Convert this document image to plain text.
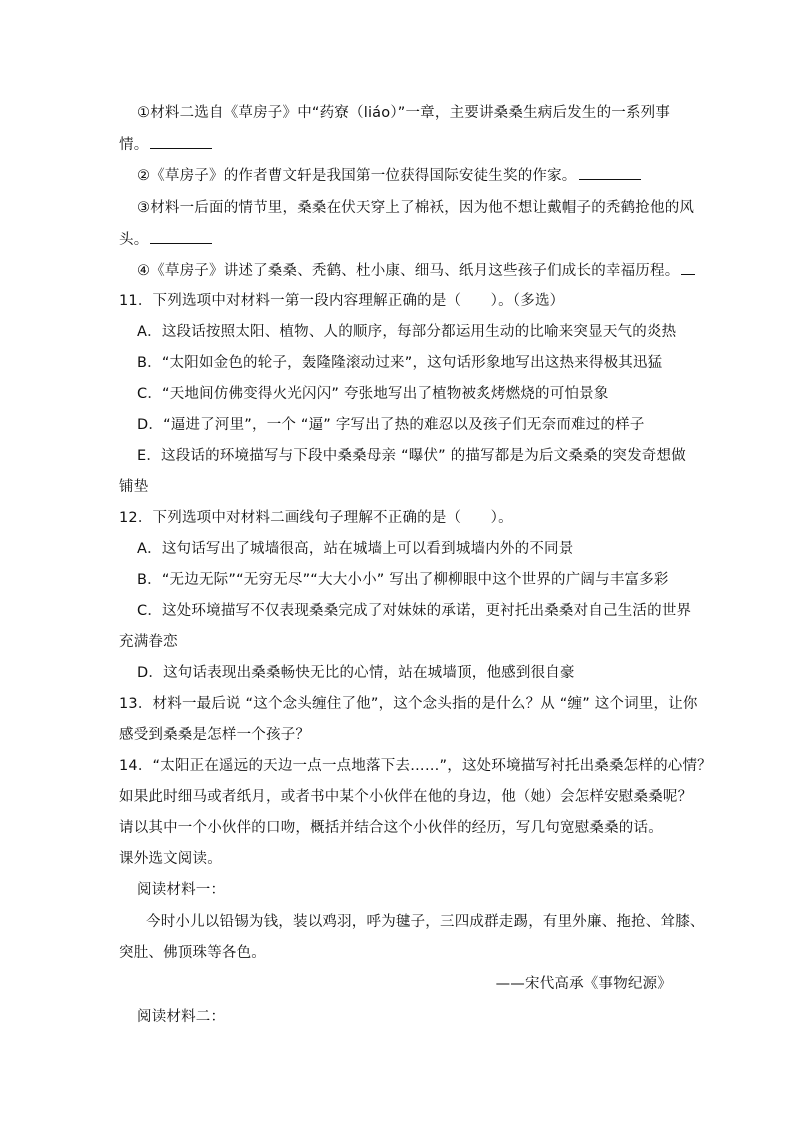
①材料二选自《草房子》中“药寮（liáo）”一章，主要讲桑桑生病后发生的一系列事
情。
②《草房子》的作者曹文轩是我国第一位获得国际安徒生奖的作家。
③材料一后面的情节里，桑桑在伏天穿上了棉袄，因为他不想让戴帽子的秃鹤抢他的风
头。
④《草房子》讲述了桑桑、秃鹤、杜小康、细马、纸月这些孩子们成长的幸福历程。
11．下列选项中对材料一第一段内容理解正确的是（　　）。（多选）
A．这段话按照太阳、植物、人的顺序，每部分都运用生动的比喻来突显天气的炎热
B．“太阳如金色的轮子，轰隆隆滚动过来”，这句话形象地写出这热来得极其迅猛
C．“天地间仿佛变得火光闪闪” 夸张地写出了植物被炙烤燃烧的可怕景象
D．“逼进了河里”，一个 “逼” 字写出了热的难忍以及孩子们无奈而难过的样子
E．这段话的环境描写与下段中桑桑母亲 “曝伏” 的描写都是为后文桑桑的突发奇想做
铺垫
12．下列选项中对材料二画线句子理解不正确的是（　　）。
A．这句话写出了城墙很高，站在城墙上可以看到城墙内外的不同景
B．“无边无际”“无穷无尽”“大大小小” 写出了柳柳眼中这个世界的广阔与丰富多彩
C．这处环境描写不仅表现桑桑完成了对妹妹的承诺，更衬托出桑桑对自己生活的世界
充满眷恋
D．这句话表现出桑桑畅快无比的心情，站在城墙顶，他感到很自豪
13．材料一最后说 “这个念头缠住了他”，这个念头指的是什么？从 “缠” 这个词里，让你
感受到桑桑是怎样一个孩子？
14．“太阳正在遥远的天边一点一点地落下去……”，这处环境描写衬托出桑桑怎样的心情？
如果此时细马或者纸月，或者书中某个小伙伴在他的身边，他（她）会怎样安慰桑桑呢？
请以其中一个小伙伴的口吻，概括并结合这个小伙伴的经历，写几句宽慰桑桑的话。
课外选文阅读。
阅读材料一：
今时小儿以铅锡为钱，装以鸡羽，呼为毽子，三四成群走踢，有里外廉、拖抢、耸膝、
突肚、佛顶珠等各色。
——宋代高承《事物纪源》
阅读材料二：
